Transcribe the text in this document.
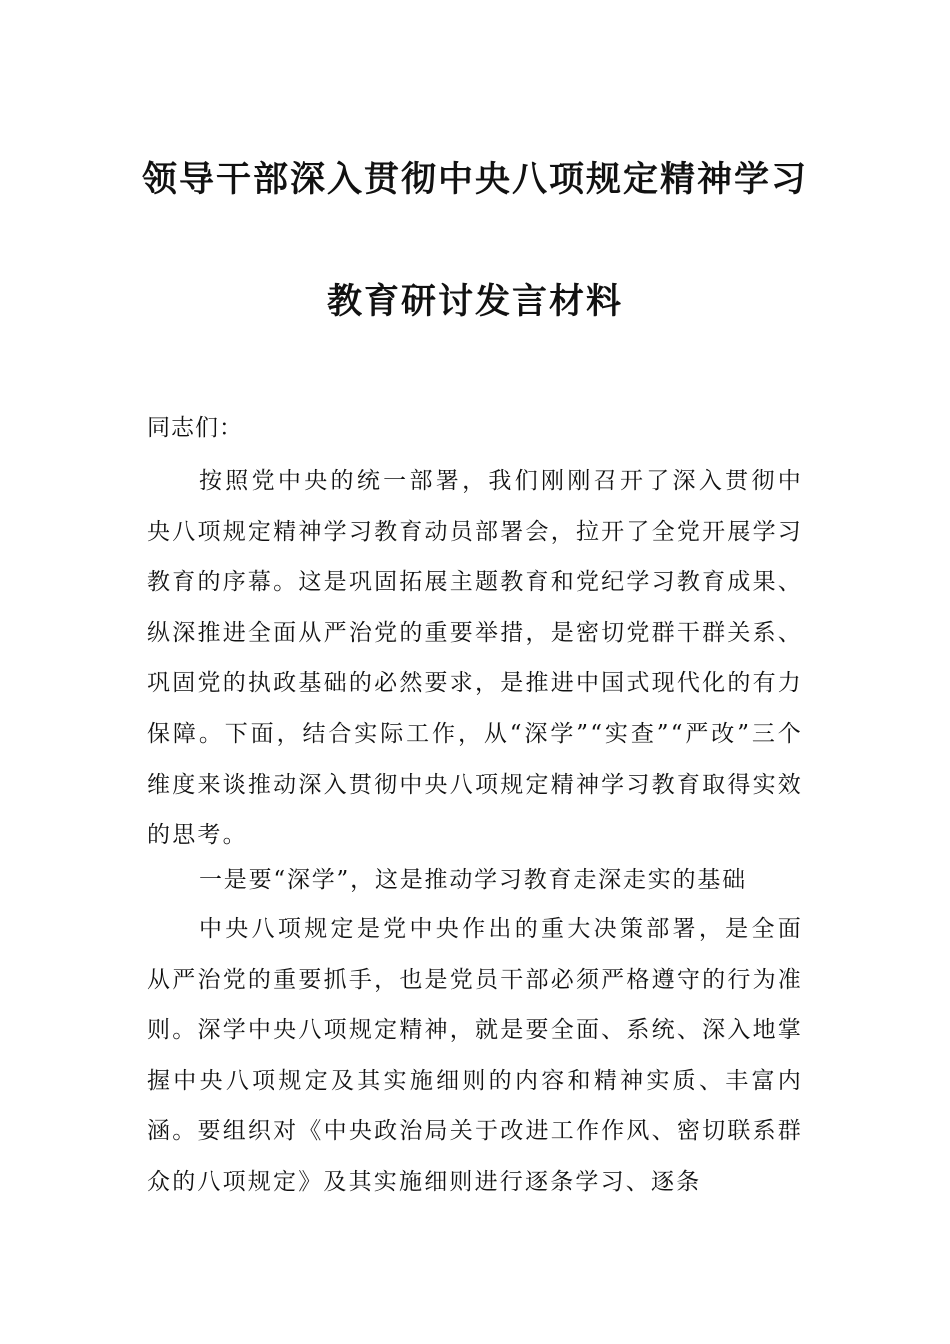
领导干部深入贯彻中央八项规定精神学习
教育研讨发言材料
同志们：

按照党中央的统一部署，我们刚刚召开了深入贯彻中央八项规定精神学习教育动员部署会，拉开了全党开展学习教育的序幕。这是巩固拓展主题教育和党纪学习教育成果、纵深推进全面从严治党的重要举措，是密切党群干群关系、巩固党的执政基础的必然要求，是推进中国式现代化的有力保障。下面，结合实际工作，从“深学”“实查”“严改”三个维度来谈推动深入贯彻中央八项规定精神学习教育取得实效的思考。

一是要“深学”，这是推动学习教育走深走实的基础

中央八项规定是党中央作出的重大决策部署，是全面从严治党的重要抓手，也是党员干部必须严格遵守的行为准则。深学中央八项规定精神，就是要全面、系统、深入地掌握中央八项规定及其实施细则的内容和精神实质、丰富内涵。要组织对《中央政治局关于改进工作作风、密切联系群众的八项规定》及其实施细则进行逐条学习、逐条
